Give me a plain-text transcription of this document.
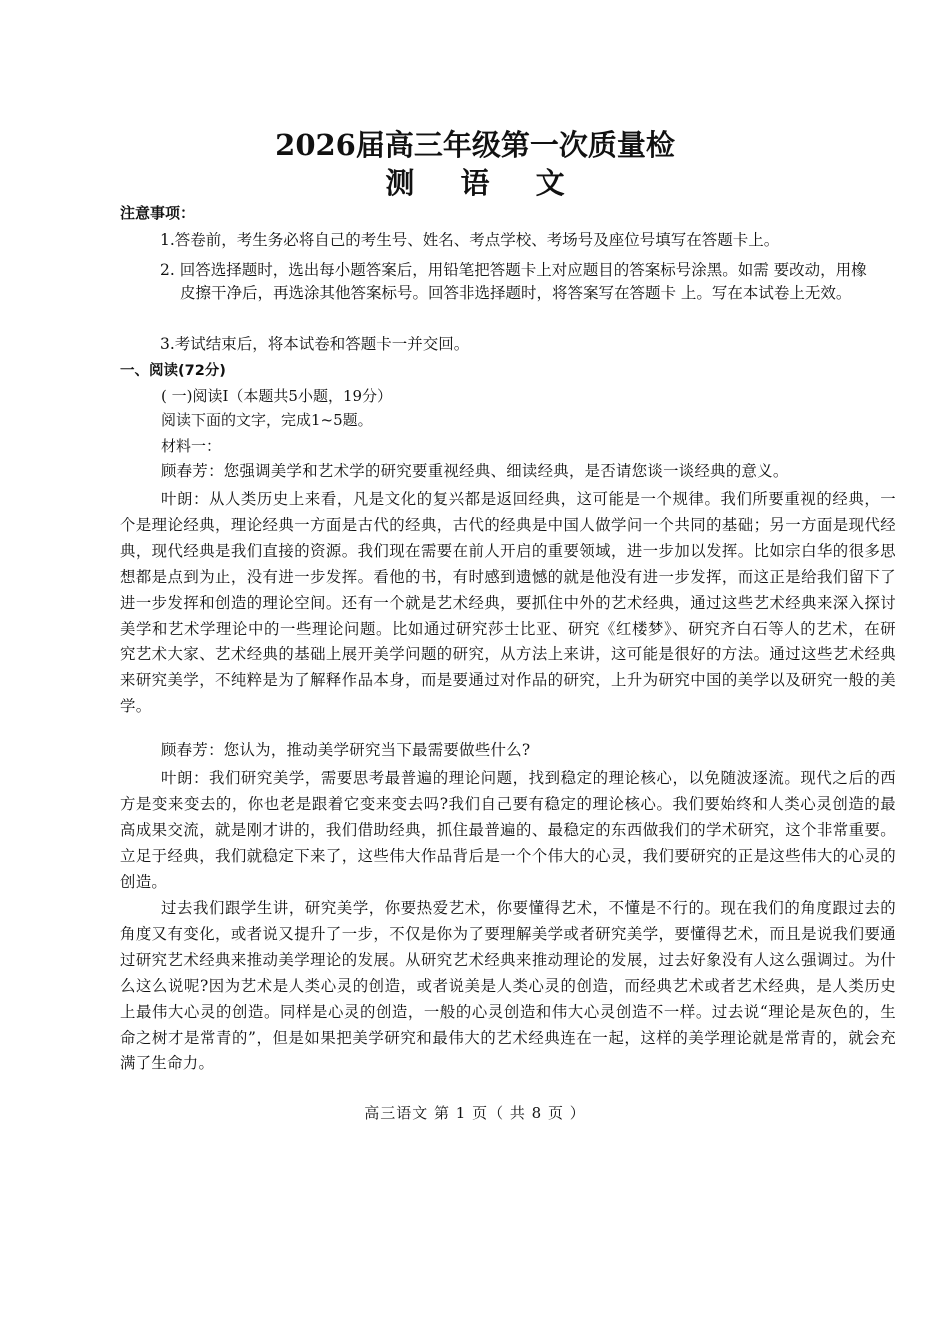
2026届高三年级第一次质量检
测 语 文
注意事项：
1.答卷前，考生务必将自己的考生号、姓名、考点学校、考场号及座位号填写在答题卡上。
2. 回答选择题时，选出每小题答案后，用铅笔把答题卡上对应题目的答案标号涂黑。如需 要改动，用橡皮擦干净后，再选涂其他答案标号。回答非选择题时，将答案写在答题卡 上。写在本试卷上无效。
3.考试结束后，将本试卷和答题卡一并交回。
一、阅读(72分)
( 一)阅读Ⅰ（本题共5小题，19分）
阅读下面的文字，完成1~5题。
材料一：

顾春芳：您强调美学和艺术学的研究要重视经典、细读经典，是否请您谈一谈经典的意义。

叶朗：从人类历史上来看，凡是文化的复兴都是返回经典，这可能是一个规律。我们所要重视的经典，一个是理论经典，理论经典一方面是古代的经典，古代的经典是中国人做学问一个共同的基础；另一方面是现代经典，现代经典是我们直接的资源。我们现在需要在前人开启的重要领域，进一步加以发挥。比如宗白华的很多思想都是点到为止，没有进一步发挥。看他的书，有时感到遗憾的就是他没有进一步发挥，而这正是给我们留下了进一步发挥和创造的理论空间。还有一个就是艺术经典，要抓住中外的艺术经典，通过这些艺术经典来深入探讨美学和艺术学理论中的一些理论问题。比如通过研究莎士比亚、研究《红楼梦》、研究齐白石等人的艺术，在研究艺术大家、艺术经典的基础上展开美学问题的研究，从方法上来讲，这可能是很好的方法。通过这些艺术经典来研究美学，不纯粹是为了解释作品本身，而是要通过对作品的研究，上升为研究中国的美学以及研究一般的美学。

顾春芳：您认为，推动美学研究当下最需要做些什么?

叶朗：我们研究美学，需要思考最普遍的理论问题，找到稳定的理论核心，以免随波逐流。现代之后的西方是变来变去的，你也老是跟着它变来变去吗?我们自己要有稳定的理论核心。我们要始终和人类心灵创造的最高成果交流，就是刚才讲的，我们借助经典，抓住最普遍的、最稳定的东西做我们的学术研究，这个非常重要。立足于经典，我们就稳定下来了，这些伟大作品背后是一个个伟大的心灵，我们要研究的正是这些伟大的心灵的创造。

过去我们跟学生讲，研究美学，你要热爱艺术，你要懂得艺术，不懂是不行的。现在我们的角度跟过去的角度又有变化，或者说又提升了一步，不仅是你为了要理解美学或者研究美学，要懂得艺术，而且是说我们要通过研究艺术经典来推动美学理论的发展。从研究艺术经典来推动理论的发展，过去好象没有人这么强调过。为什么这么说呢?因为艺术是人类心灵的创造，或者说美是人类心灵的创造，而经典艺术或者艺术经典，是人类历史上最伟大心灵的创造。同样是心灵的创造，一般的心灵创造和伟大心灵创造不一样。过去说“理论是灰色的，生命之树才是常青的”，但是如果把美学研究和最伟大的艺术经典连在一起，这样的美学理论就是常青的，就会充满了生命力。

高三语文 第 1 页（ 共 8 页 ）
